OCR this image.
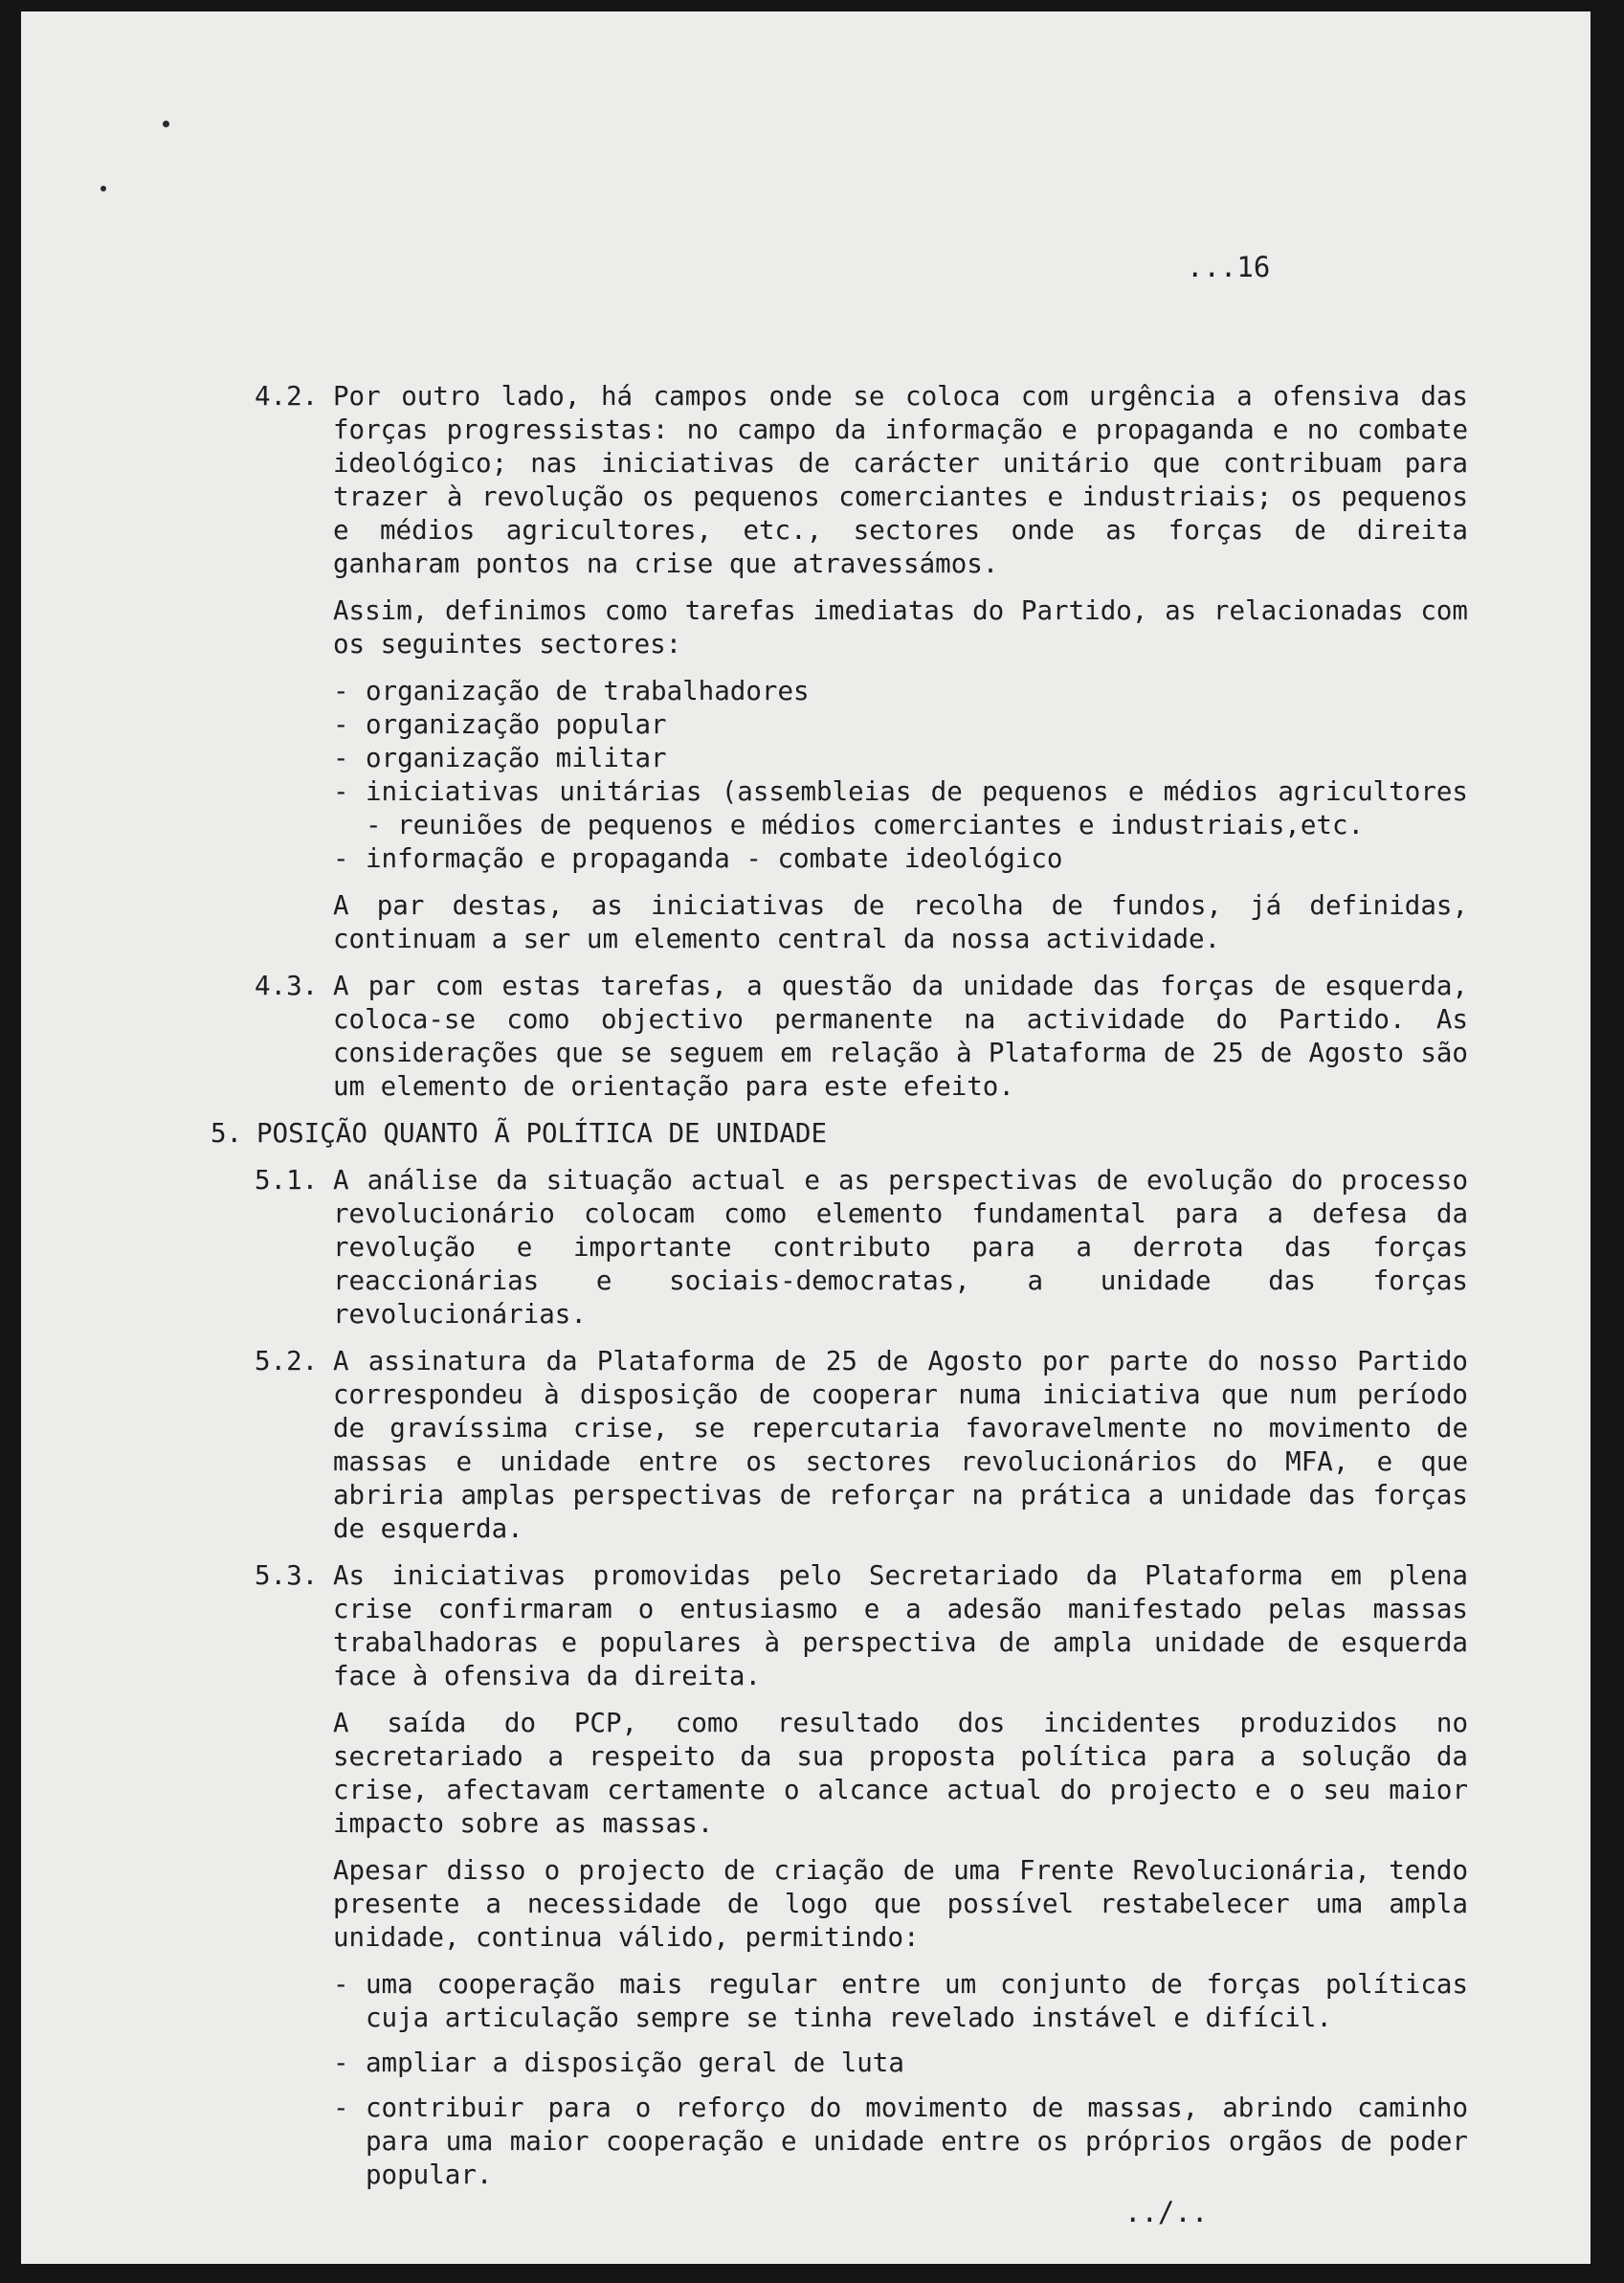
...16
4.2. Por outro lado, há campos onde se coloca com urgência a ofensiva das forças progressistas: no campo da informação e propaganda e no combate ideológico; nas iniciativas de carácter unitário que contribuam para trazer à revolução os pequenos comerciantes e industriais; os pequenos e médios agricultores, etc., sectores onde as forças de direita ganharam pontos na crise que atravessámos.

Assim, definimos como tarefas imediatas do Partido, as relacionadas com os seguintes sectores:

- organização de trabalhadores
- organização popular
- organização militar
- iniciativas unitárias (assembleias de pequenos e médios agricultores - reuniões de pequenos e médios comerciantes e industriais,etc.
- informação e propaganda - combate ideológico

A par destas, as iniciativas de recolha de fundos, já definidas, continuam a ser um elemento central da nossa actividade.

4.3. A par com estas tarefas, a questão da unidade das forças de esquerda, coloca-se como objectivo permanente na actividade do Partido. As considerações que se seguem em relação à Plataforma de 25 de Agosto são um elemento de orientação para este efeito.

5. POSIÇÃO QUANTO Ã POLÍTICA DE UNIDADE
5.1. A análise da situação actual e as perspectivas de evolução do processo revolucionário colocam como elemento fundamental para a defesa da revolução e importante contributo para a derrota das forças reaccionárias e sociais-democratas, a unidade das forças revolucionárias.

5.2. A assinatura da Plataforma de 25 de Agosto por parte do nosso Partido correspondeu à disposição de cooperar numa iniciativa que num período de gravíssima crise, se repercutaria favoravelmente no movimento de massas e unidade entre os sectores revolucionários do MFA, e que abriria amplas perspectivas de reforçar na prática a unidade das forças de esquerda.

5.3. As iniciativas promovidas pelo Secretariado da Plataforma em plena crise confirmaram o entusiasmo e a adesão manifestado pelas massas trabalhadoras e populares à perspectiva de ampla unidade de esquerda face à ofensiva da direita.

A saída do PCP, como resultado dos incidentes produzidos no secretariado a respeito da sua proposta política para a solução da crise, afectavam certamente o alcance actual do projecto e o seu maior impacto sobre as massas.

Apesar disso o projecto de criação de uma Frente Revolucionária, tendo presente a necessidade de logo que possível restabelecer uma ampla unidade, continua válido, permitindo:

- uma cooperação mais regular entre um conjunto de forças políticas cuja articulação sempre se tinha revelado instável e difícil.
- ampliar a disposição geral de luta
- contribuir para o reforço do movimento de massas, abrindo caminho para uma maior cooperação e unidade entre os próprios orgãos de poder popular.
../..
